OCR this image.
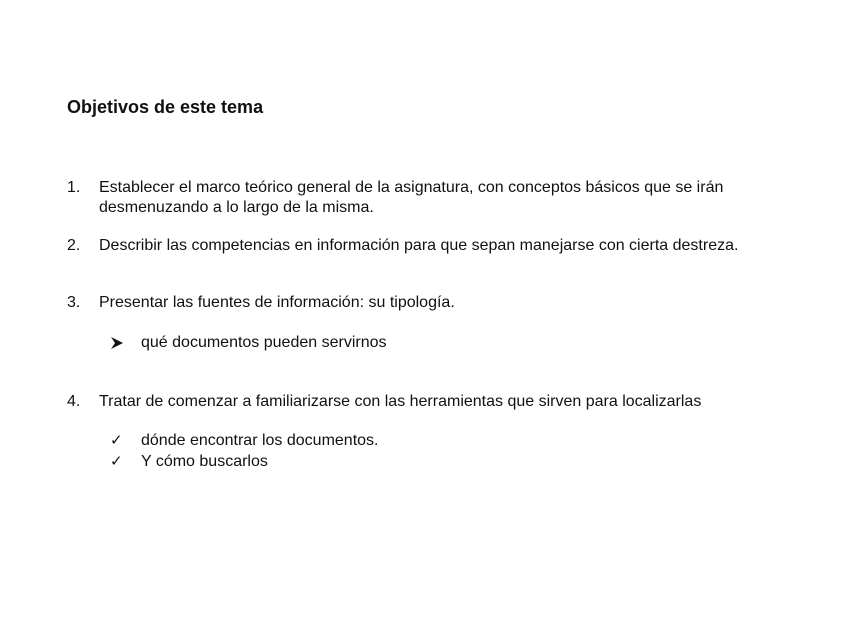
Objetivos de este tema
1. Establecer el marco teórico general de la asignatura, con conceptos básicos que se irán
desmenuzando a lo largo de la misma.
2. Describir las competencias en información para que sepan manejarse con cierta destreza.
3. Presentar las fuentes de información: su tipología.
qué documentos pueden servirnos
4. Tratar de comenzar a familiarizarse con las herramientas que sirven para localizarlas
✓ dónde encontrar los documentos.
✓ Y cómo buscarlos
